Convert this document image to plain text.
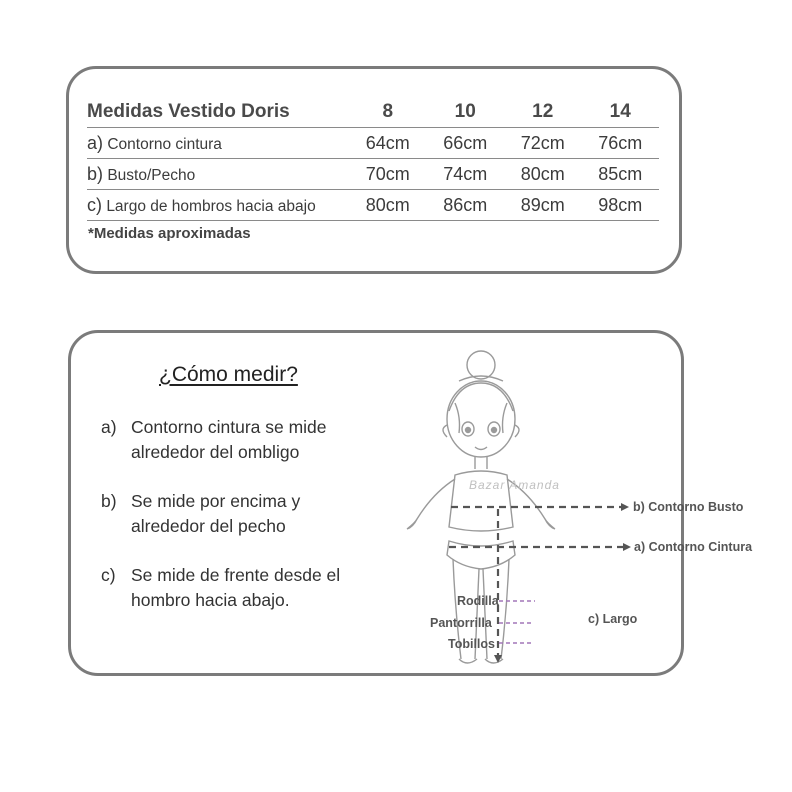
Medidas Vestido Doris	8	10	12	14
a) Contorno cintura	64cm	66cm	72cm	76cm
b) Busto/Pecho	70cm	74cm	80cm	85cm
c) Largo de hombros hacia abajo	80cm	86cm	89cm	98cm
*Medidas aproximadas
¿Cómo medir?
a) Contorno cintura se mide alrededor del ombligo
b) Se mide por encima y alrededor del pecho
c) Se mide de frente desde el hombro hacia abajo.
Bazar Amanda
b) Contorno Busto
a) Contorno Cintura
c) Largo
Rodilla
Pantorrilla
Tobillos
